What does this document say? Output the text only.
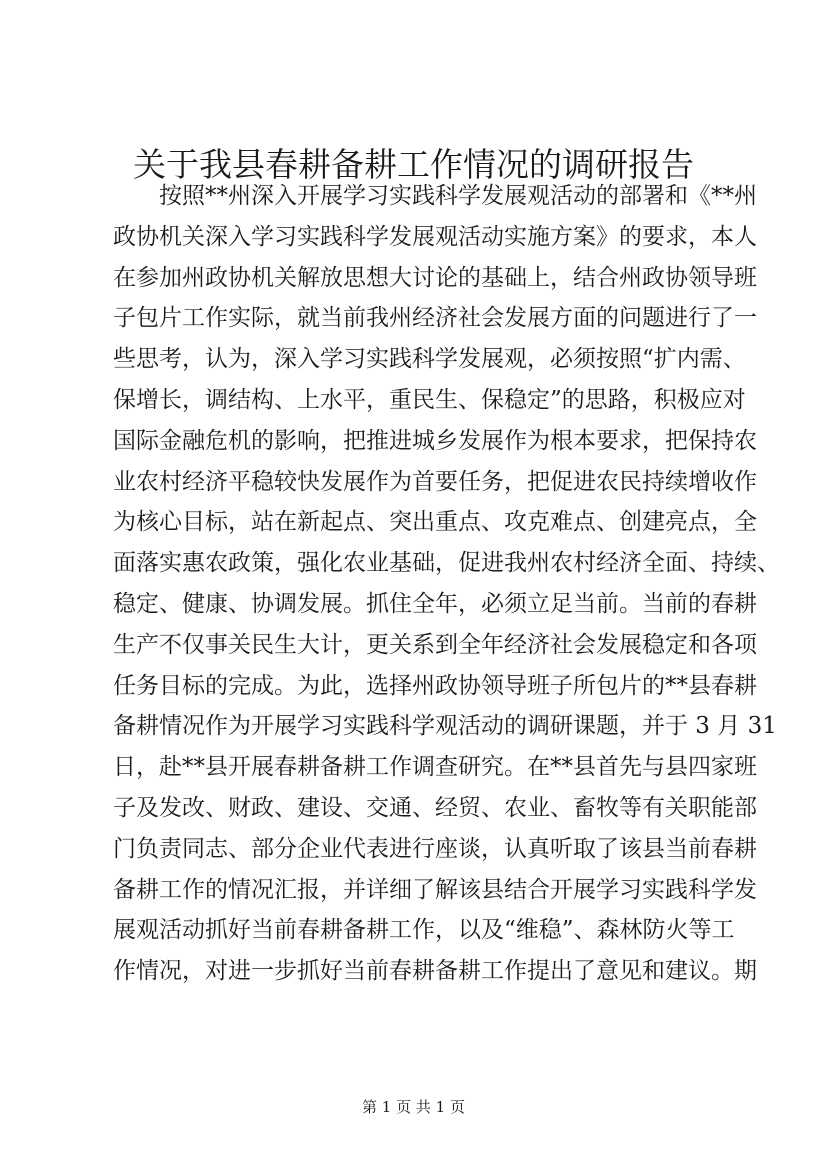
关于我县春耕备耕工作情况的调研报告
按照**州深入开展学习实践科学发展观活动的部署和《**州
政协机关深入学习实践科学发展观活动实施方案》的要求，本人
在参加州政协机关解放思想大讨论的基础上，结合州政协领导班
子包片工作实际，就当前我州经济社会发展方面的问题进行了一
些思考，认为，深入学习实践科学发展观，必须按照“扩内需、
保增长，调结构、上水平，重民生、保稳定”的思路，积极应对
国际金融危机的影响，把推进城乡发展作为根本要求，把保持农
业农村经济平稳较快发展作为首要任务，把促进农民持续增收作
为核心目标，站在新起点、突出重点、攻克难点、创建亮点，全
面落实惠农政策，强化农业基础，促进我州农村经济全面、持续、
稳定、健康、协调发展。抓住全年，必须立足当前。当前的春耕
生产不仅事关民生大计，更关系到全年经济社会发展稳定和各项
任务目标的完成。为此，选择州政协领导班子所包片的**县春耕
备耕情况作为开展学习实践科学观活动的调研课题，并于 3 月 31
日，赴**县开展春耕备耕工作调查研究。在**县首先与县四家班
子及发改、财政、建设、交通、经贸、农业、畜牧等有关职能部
门负责同志、部分企业代表进行座谈，认真听取了该县当前春耕
备耕工作的情况汇报，并详细了解该县结合开展学习实践科学发
展观活动抓好当前春耕备耕工作，以及“维稳”、森林防火等工
作情况，对进一步抓好当前春耕备耕工作提出了意见和建议。期
第 1 页 共 1 页
